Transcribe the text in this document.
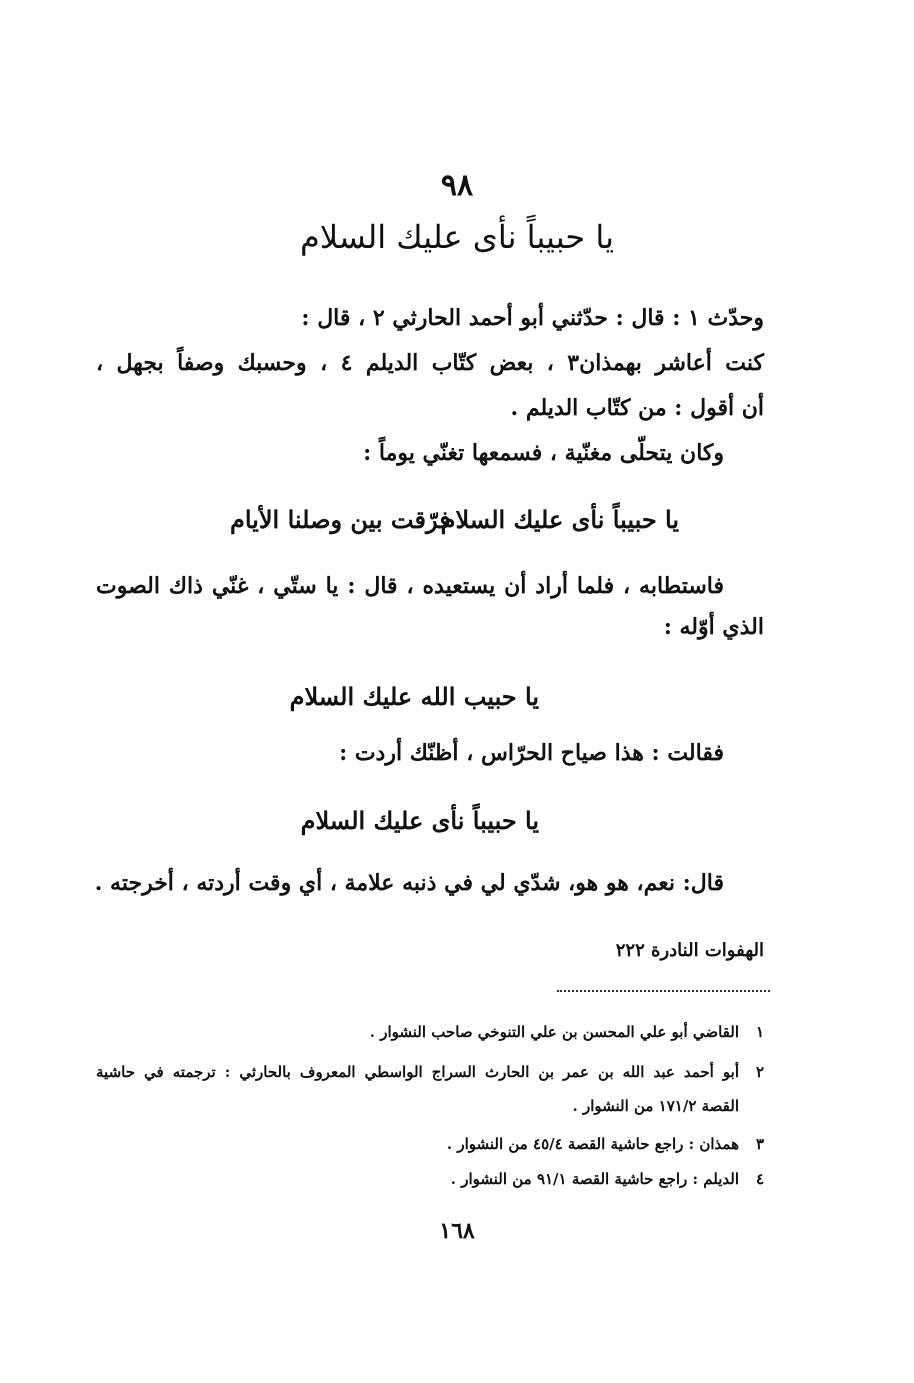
٩٨
يا حبيباً نأى عليك السلام
وحدّث ١ : قال : حدّثني أبو أحمد الحارثي ٢ ، قال :
كنت أعاشر بهمذان٣ ، بعض كتّاب الديلم ٤ ، وحسبك وصفاً بجهل ،
أن أقول : من كتّاب الديلم .
وكان يتحلّى مغنّية ، فسمعها تغنّي يوماً :
يا حبيباً نأى عليك السلام
فرّقت بين وصلنا الأيام
فاستطابه ، فلما أراد أن يستعيده ، قال : يا ستّي ، غنّي ذاك الصوت
الذي أوّله :
يا حبيب الله عليك السلام
فقالت : هذا صياح الحرّاس ، أظنّك أردت :
يا حبيباً نأى عليك السلام
قال: نعم، هو هو، شدّي لي في ذنبه علامة ، أي وقت أردته ، أخرجته .
الهفوات النادرة ٢٢٢
١
القاضي أبو علي المحسن بن علي التنوخي صاحب النشوار .
٢
أبو أحمد عبد الله بن عمر بن الحارث السراج الواسطي المعروف بالحارثي : ترجمته في حاشية
القصة ١٧١/٢ من النشوار .
٣
همذان : راجع حاشية القصة ٤٥/٤ من النشوار .
٤
الديلم : راجع حاشية القصة ٩١/١ من النشوار .
١٦٨
